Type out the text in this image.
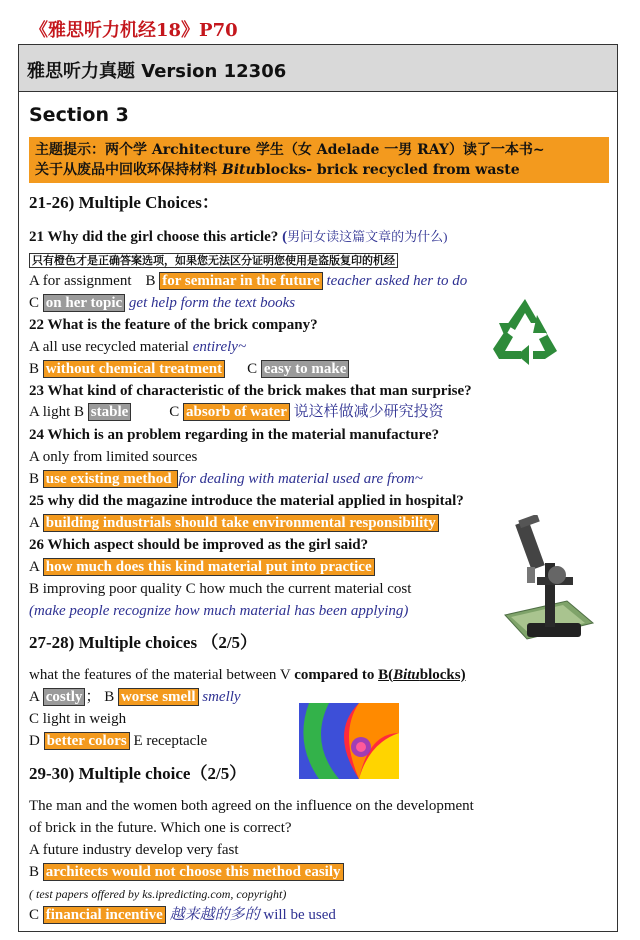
《雅思听力机经18》P70
雅思听力真题 Version 12306
Section 3
主题提示：两个学 Architecture 学生（女 Adelade 一男 RAY）读了一本书~
关于从废品中回收环保持材料 Bitublocks- brick recycled from waste
21-26) Multiple Choices：
21 Why did the girl choose this article? (男问女读这篇文章的为什么)
只有橙色才是正确答案选项，如果您无法区分证明您使用是盗版复印的机经
A for assignment B for seminar in the future teacher asked her to do
C on her topic get help form the text books
22 What is the feature of the brick company?
A all use recycled material entirely~
B without chemical treatment C easy to make
23 What kind of characteristic of the brick makes that man surprise?
A light B stable	C absorb of water 说这样做减少研究投资
24 Which is an problem regarding in the material manufacture?
A only from limited sources
B use existing method for dealing with material used are from~
25 why did the magazine introduce the material applied in hospital?
A building industrials should take environmental responsibility
26 Which aspect should be improved as the girl said?
A how much does this kind material put into practice
B improving poor quality C how much the current material cost
(make people recognize how much material has been applying)
27-28) Multiple choices （2/5）
what the features of the material between V compared to B(Bitublocks)
A costly ； B worse smell smelly
C light in weigh
D better colors E receptacle
29-30) Multiple choice（2/5）
The man and the women both agreed on the influence on the development
of brick in the future. Which one is correct?
A future industry develop very fast
B architects would not choose this method easily
( test papers offered by ks.ipredicting.com, copyright)
C financial incentive 越来越的多的 will be used
